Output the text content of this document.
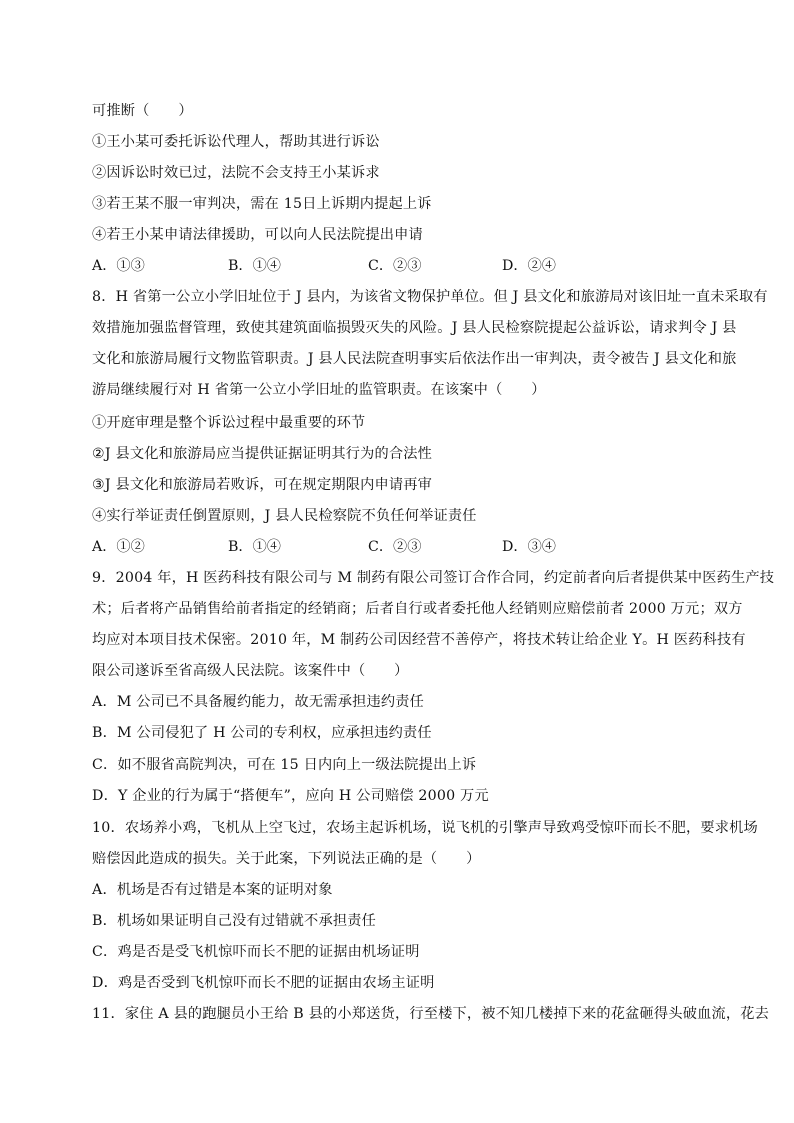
可推断（　　）
①王小某可委托诉讼代理人，帮助其进行诉讼
②因诉讼时效已过，法院不会支持王小某诉求
③若王某不服一审判决，需在 15日上诉期内提起上诉
④若王小某申请法律援助，可以向人民法院提出申请
A．①③	B．①④	C．②③	D．②④
8．H 省第一公立小学旧址位于 J 县内，为该省文物保护单位。但 J 县文化和旅游局对该旧址一直未采取有
效措施加强监督管理，致使其建筑面临损毁灭失的风险。J 县人民检察院提起公益诉讼，请求判令 J 县
文化和旅游局履行文物监管职责。J 县人民法院查明事实后依法作出一审判决，责令被告 J 县文化和旅
游局继续履行对 H 省第一公立小学旧址的监管职责。在该案中（　　）
①开庭审理是整个诉讼过程中最重要的环节
②J 县文化和旅游局应当提供证据证明其行为的合法性
③J 县文化和旅游局若败诉，可在规定期限内申请再审
④实行举证责任倒置原则，J 县人民检察院不负任何举证责任
A．①②	B．①④	C．②③	D．③④
9．2004 年，H 医药科技有限公司与 M 制药有限公司签订合作合同，约定前者向后者提供某中医药生产技
术；后者将产品销售给前者指定的经销商；后者自行或者委托他人经销则应赔偿前者 2000 万元；双方
均应对本项目技术保密。2010 年，M 制药公司因经营不善停产，将技术转让给企业 Y。H 医药科技有
限公司遂诉至省高级人民法院。该案件中（　　）
A．M 公司已不具备履约能力，故无需承担违约责任
B．M 公司侵犯了 H 公司的专利权，应承担违约责任
C．如不服省高院判决，可在 15 日内向上一级法院提出上诉
D．Y 企业的行为属于“搭便车”，应向 H 公司赔偿 2000 万元
10．农场养小鸡，飞机从上空飞过，农场主起诉机场，说飞机的引擎声导致鸡受惊吓而长不肥，要求机场
赔偿因此造成的损失。关于此案，下列说法正确的是（　　）
A．机场是否有过错是本案的证明对象
B．机场如果证明自己没有过错就不承担责任
C．鸡是否是受飞机惊吓而长不肥的证据由机场证明
D．鸡是否受到飞机惊吓而长不肥的证据由农场主证明
11．家住 A 县的跑腿员小王给 B 县的小郑送货，行至楼下，被不知几楼掉下来的花盆砸得头破血流，花去
